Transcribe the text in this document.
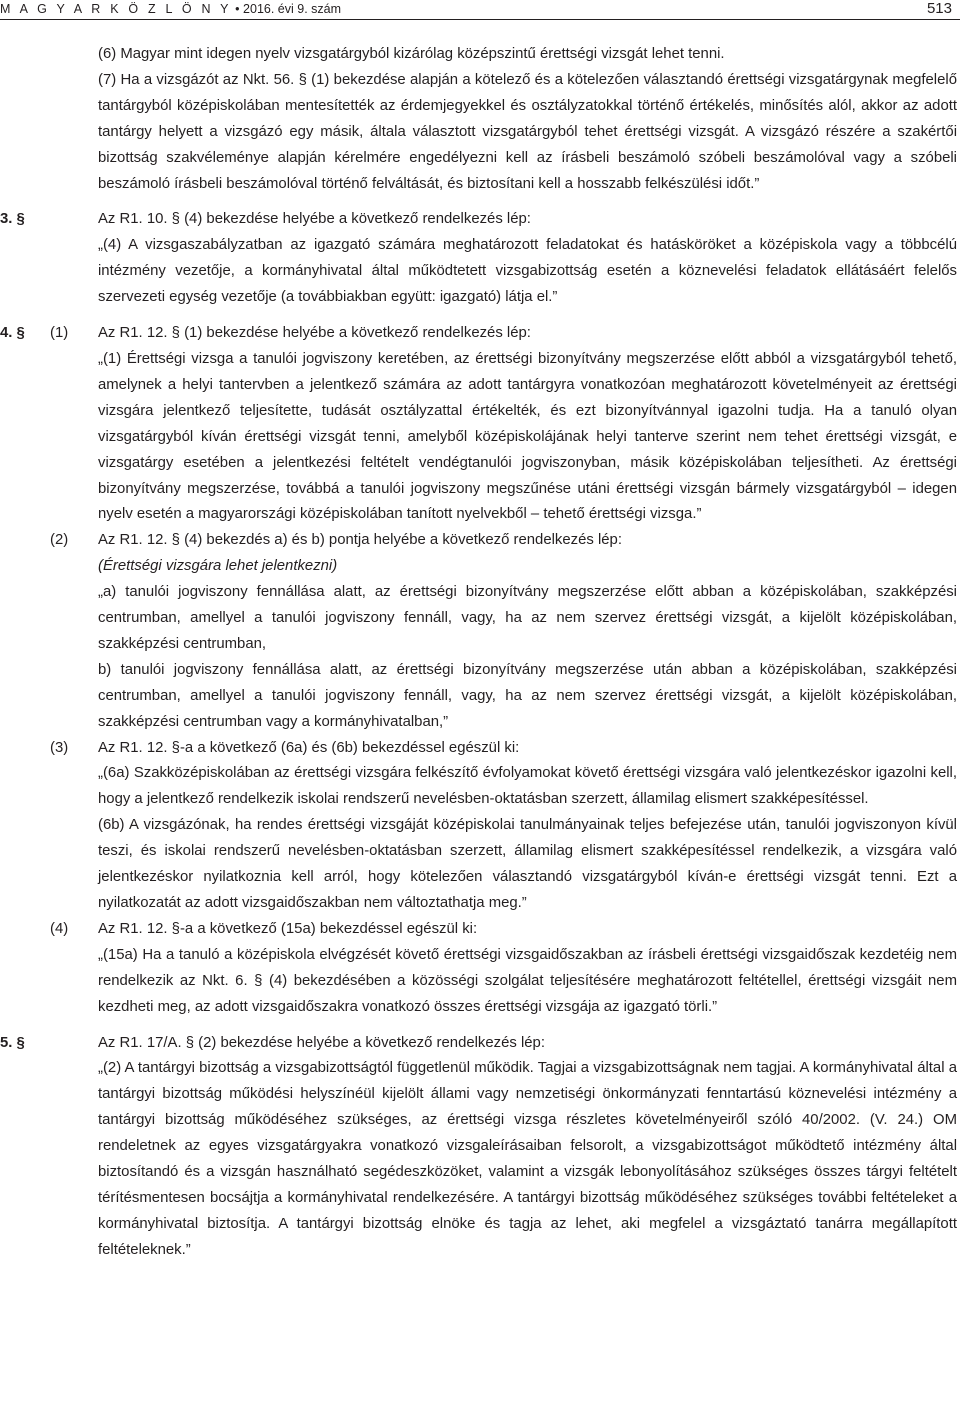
M A G Y A R K Ö Z L Ö N Y • 2016. évi 9. szám	513
(6) Magyar mint idegen nyelv vizsgatárgyból kizárólag középszintű érettségi vizsgát lehet tenni.
(7) Ha a vizsgázót az Nkt. 56. § (1) bekezdése alapján a kötelező és a kötelezően választandó érettségi vizsgatárgynak megfelelő tantárgyból középiskolában mentesítették az érdemjegyekkel és osztályzatokkal történő értékelés, minősítés alól, akkor az adott tantárgy helyett a vizsgázó egy másik, általa választott vizsgatárgyból tehet érettségi vizsgát. A vizsgázó részére a szakértői bizottság szakvéleménye alapján kérelmére engedélyezni kell az írásbeli beszámoló szóbeli beszámolóval vagy a szóbeli beszámoló írásbeli beszámolóval történő felváltását, és biztosítani kell a hosszabb felkészülési időt.”
3. §	Az R1. 10. § (4) bekezdése helyébe a következő rendelkezés lép:
„(4) A vizsgaszabályzatban az igazgató számára meghatározott feladatokat és hatásköröket a középiskola vagy a többcélú intézmény vezetője, a kormányhivatal által működtetett vizsgabizottság esetén a köznevelési feladatok ellátásáért felelős szervezeti egység vezetője (a továbbiakban együtt: igazgató) látja el.”
4. § (1)	Az R1. 12. § (1) bekezdése helyébe a következő rendelkezés lép:
„(1) Érettségi vizsga a tanulói jogviszony keretében, az érettségi bizonyítvány megszerzése előtt abból a vizsgatárgyból tehető, amelynek a helyi tantervben a jelentkező számára az adott tantárgyra vonatkozóan meghatározott követelményeit az érettségi vizsgára jelentkező teljesítette, tudását osztályzattal értékelték, és ezt bizonyítvánnyal igazolni tudja. Ha a tanuló olyan vizsgatárgyból kíván érettségi vizsgát tenni, amelyből középiskolájának helyi tanterve szerint nem tehet érettségi vizsgát, e vizsgatárgy esetében a jelentkezési feltételt vendégtanulói jogviszonyban, másik középiskolában teljesítheti. Az érettségi bizonyítvány megszerzése, továbbá a tanulói jogviszony megszűnése utáni érettségi vizsgán bármely vizsgatárgyból – idegen nyelv esetén a magyarországi középiskolában tanított nyelvekből – tehető érettségi vizsga.”
(2)	Az R1. 12. § (4) bekezdés a) és b) pontja helyébe a következő rendelkezés lép:
(Érettségi vizsgára lehet jelentkezni)
„a) tanulói jogviszony fennállása alatt, az érettségi bizonyítvány megszerzése előtt abban a középiskolában, szakképzési centrumban, amellyel a tanulói jogviszony fennáll, vagy, ha az nem szervez érettségi vizsgát, a kijelölt középiskolában, szakképzési centrumban,
b) tanulói jogviszony fennállása alatt, az érettségi bizonyítvány megszerzése után abban a középiskolában, szakképzési centrumban, amellyel a tanulói jogviszony fennáll, vagy, ha az nem szervez érettségi vizsgát, a kijelölt középiskolában, szakképzési centrumban vagy a kormányhivatalban,”
(3)	Az R1. 12. §-a a következő (6a) és (6b) bekezdéssel egészül ki:
„(6a) Szakközépiskolában az érettségi vizsgára felkészítő évfolyamokat követő érettségi vizsgára való jelentkezéskor igazolni kell, hogy a jelentkező rendelkezik iskolai rendszerű nevelésben-oktatásban szerzett, államilag elismert szakképesítéssel.
(6b) A vizsgázónak, ha rendes érettségi vizsgáját középiskolai tanulmányainak teljes befejezése után, tanulói jogviszonyon kívül teszi, és iskolai rendszerű nevelésben-oktatásban szerzett, államilag elismert szakképesítéssel rendelkezik, a vizsgára való jelentkezéskor nyilatkoznia kell arról, hogy kötelezően választandó vizsgatárgyból kíván-e érettségi vizsgát tenni. Ezt a nyilatkozatát az adott vizsgaidőszakban nem változtathatja meg.”
(4)	Az R1. 12. §-a a következő (15a) bekezdéssel egészül ki:
„(15a) Ha a tanuló a középiskola elvégzését követő érettségi vizsgaidőszakban az írásbeli érettségi vizsgaidőszak kezdetéig nem rendelkezik az Nkt. 6. § (4) bekezdésében a közösségi szolgálat teljesítésére meghatározott feltétellel, érettségi vizsgáit nem kezdheti meg, az adott vizsgaidőszakra vonatkozó összes érettségi vizsgája az igazgató törli.”
5. §	Az R1. 17/A. § (2) bekezdése helyébe a következő rendelkezés lép:
„(2) A tantárgyi bizottság a vizsgabizottságtól függetlenül működik. Tagjai a vizsgabizottságnak nem tagjai. A kormányhivatal által a tantárgyi bizottság működési helyszínéül kijelölt állami vagy nemzetiségi önkormányzati fenntartású köznevelési intézmény a tantárgyi bizottság működéséhez szükséges, az érettségi vizsga részletes követelményeiről szóló 40/2002. (V. 24.) OM rendeletnek az egyes vizsgatárgyakra vonatkozó vizsgaleírásaiban felsorolt, a vizsgabizottságot működtető intézmény által biztosítandó és a vizsgán használható segédeszközöket, valamint a vizsgák lebonyolításához szükséges összes tárgyi feltételt térítésmentesen bocsájtja a kormányhivatal rendelkezésére. A tantárgyi bizottság működéséhez szükséges további feltételeket a kormányhivatal biztosítja. A tantárgyi bizottság elnöke és tagja az lehet, aki megfelel a vizsgáztató tanárra megállapított feltételeknek.”
